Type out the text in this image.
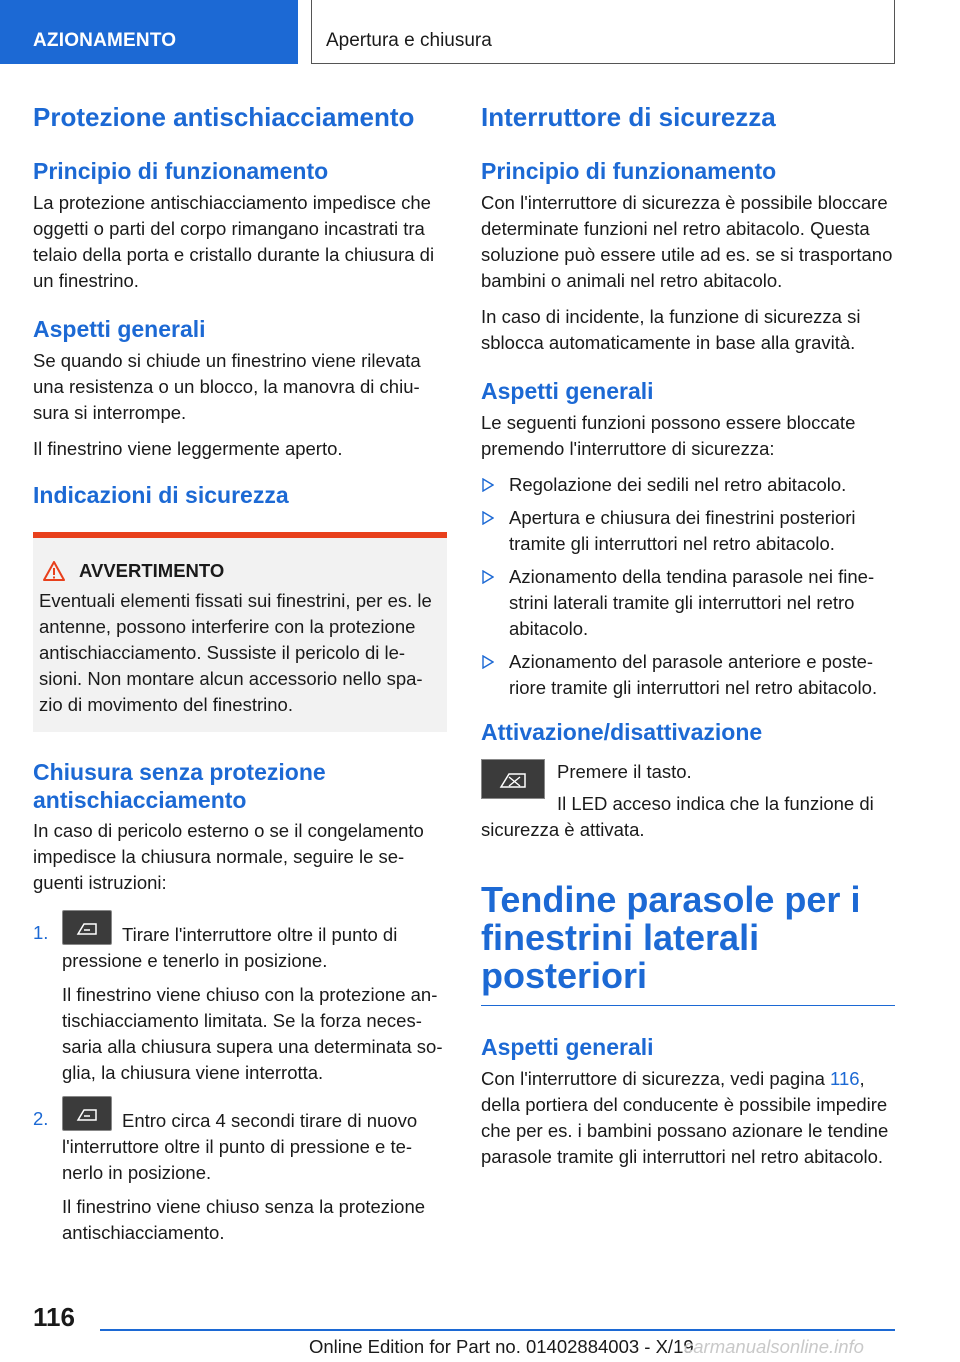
AZIONAMENTO	Apertura e chiusura
Protezione antischiacciamento
Principio di funzionamento

La protezione antischiacciamento impedisce che oggetti o parti del corpo rimangano incastrati tra telaio della porta e cristallo durante la chiusura di un finestrino.

Aspetti generali

Se quando si chiude un finestrino viene rilevata una resistenza o un blocco, la manovra di chiusura si interrompe.

Il finestrino viene leggermente aperto.

Indicazioni di sicurezza
AVVERTIMENTO

Eventuali elementi fissati sui finestrini, per es. le antenne, possono interferire con la protezione antischiacciamento. Sussiste il pericolo di lesioni. Non montare alcun accessorio nello spazio di movimento del finestrino.

Chiusura senza protezione antischiacciamento

In caso di pericolo esterno o se il congelamento impedisce la chiusura normale, seguire le seguenti istruzioni:

1.	Tirare l'interruttore oltre il punto di pressione e tenerlo in posizione.

Il finestrino viene chiuso con la protezione antischiacciamento limitata. Se la forza necessaria alla chiusura supera una determinata soglia, la chiusura viene interrotta.

2.	Entro circa 4 secondi tirare di nuovo l'interruttore oltre il punto di pressione e tenerlo in posizione.

Il finestrino viene chiuso senza la protezione antischiacciamento.

Interruttore di sicurezza
Principio di funzionamento

Con l'interruttore di sicurezza è possibile bloccare determinate funzioni nel retro abitacolo. Questa soluzione può essere utile ad es. se si trasportano bambini o animali nel retro abitacolo.

In caso di incidente, la funzione di sicurezza si sblocca automaticamente in base alla gravità.

Aspetti generali

Le seguenti funzioni possono essere bloccate premendo l'interruttore di sicurezza:

Regolazione dei sedili nel retro abitacolo.
Apertura e chiusura dei finestrini posteriori tramite gli interruttori nel retro abitacolo.
Azionamento della tendina parasole nei finestrini laterali tramite gli interruttori nel retro abitacolo.
Azionamento del parasole anteriore e posteriore tramite gli interruttori nel retro abitacolo.
Attivazione/disattivazione

Premere il tasto.

Il LED acceso indica che la funzione di sicurezza è attivata.

Tendine parasole per i finestrini laterali posteriori
Aspetti generali

Con l'interruttore di sicurezza, vedi pagina 116, della portiera del conducente è possibile impedire che per es. i bambini possano azionare le tendine parasole tramite gli interruttori nel retro abitacolo.

116
Online Edition for Part no. 01402884003 - X/19
carmanualsonline.info
